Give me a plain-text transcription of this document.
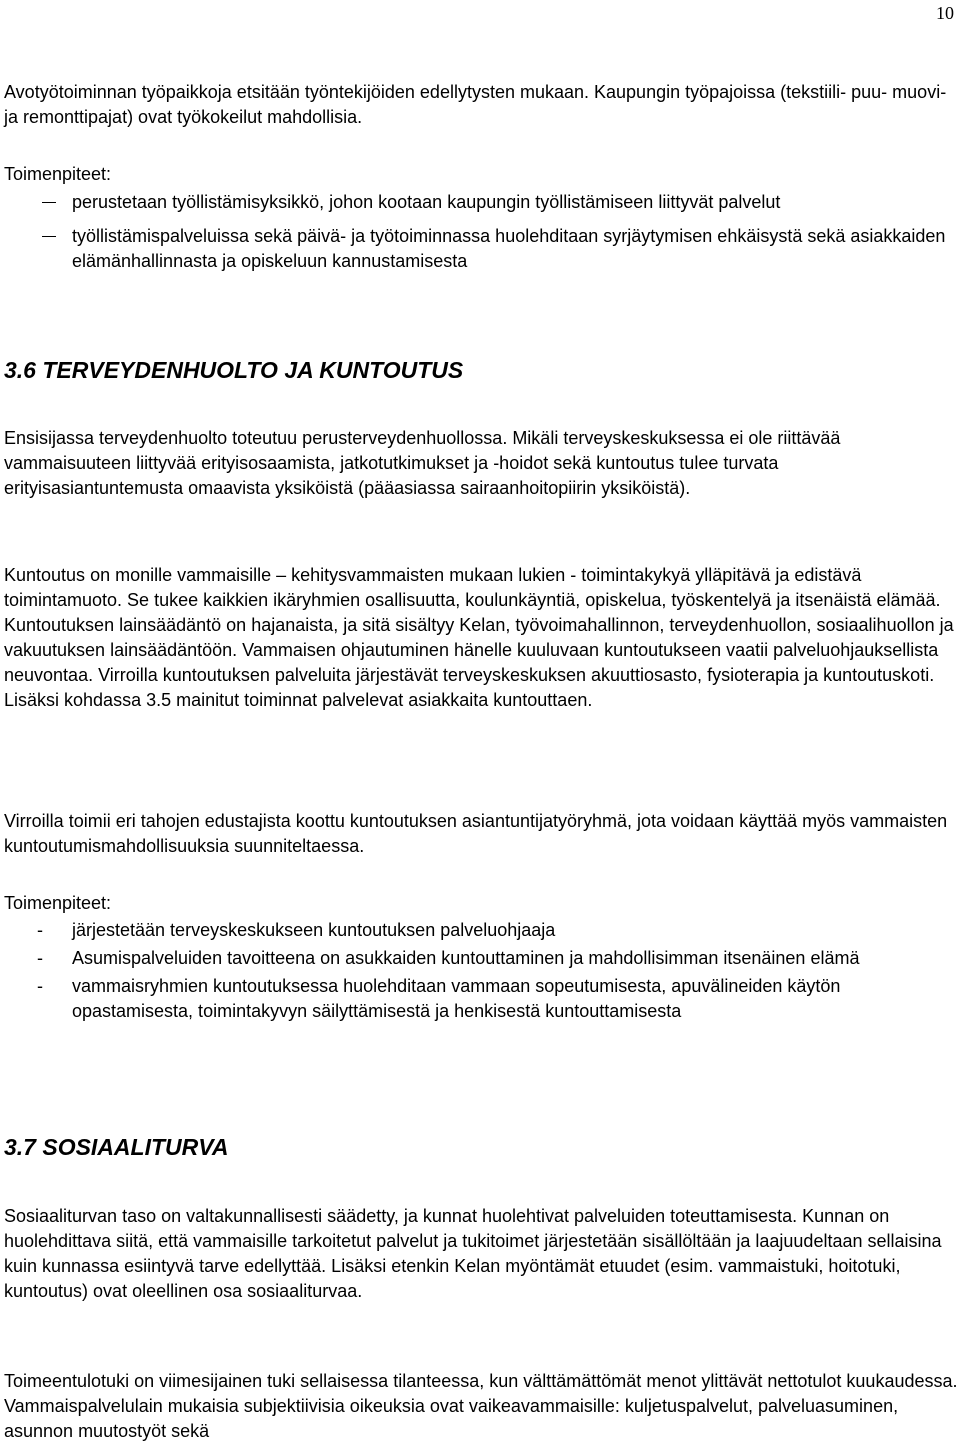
10

Avotyötoiminnan työpaikkoja etsitään työntekijöiden edellytysten mukaan. Kaupungin työpajoissa (tekstiili- puu- muovi- ja remonttipajat) ovat työkokeilut mahdollisia.

Toimenpiteet:

perustetaan työllistämisyksikkö, johon kootaan kaupungin työllistämiseen liittyvät palvelut
työllistämispalveluissa sekä päivä- ja työtoiminnassa huolehditaan syrjäytymisen ehkäisystä sekä asiakkaiden elämänhallinnasta ja opiskeluun kannustamisesta
3.6 TERVEYDENHUOLTO JA KUNTOUTUS

Ensisijassa terveydenhuolto toteutuu perusterveydenhuollossa. Mikäli terveyskeskuksessa ei ole riittävää vammaisuuteen liittyvää erityisosaamista, jatkotutkimukset ja -hoidot sekä kuntoutus tulee turvata erityisasiantuntemusta omaavista yksiköistä (pääasiassa sairaanhoitopiirin yksiköistä).

Kuntoutus on monille vammaisille – kehitysvammaisten mukaan lukien - toimintakykyä ylläpitävä ja edistävä toimintamuoto. Se tukee kaikkien ikäryhmien osallisuutta, koulunkäyntiä, opiskelua, työskentelyä ja itsenäistä elämää. Kuntoutuksen lainsäädäntö on hajanaista, ja sitä sisältyy Kelan, työvoimahallinnon, terveydenhuollon, sosiaalihuollon ja vakuutuksen lainsäädäntöön. Vammaisen ohjautuminen hänelle kuuluvaan kuntoutukseen vaatii palveluohjauksellista neuvontaa. Virroilla kuntoutuksen palveluita järjestävät terveyskeskuksen akuuttiosasto, fysioterapia ja kuntoutuskoti. Lisäksi kohdassa 3.5 mainitut toiminnat palvelevat asiakkaita kuntouttaen.

Virroilla toimii eri tahojen edustajista koottu kuntoutuksen asiantuntijatyöryhmä, jota voidaan käyttää myös vammaisten kuntoutumismahdollisuuksia suunniteltaessa.

Toimenpiteet:

-	järjestetään terveyskeskukseen kuntoutuksen palveluohjaaja
-	Asumispalveluiden tavoitteena on asukkaiden kuntouttaminen ja mahdollisimman itsenäinen elämä
-	vammaisryhmien kuntoutuksessa huolehditaan vammaan sopeutumisesta, apuvälineiden käytön opastamisesta, toimintakyvyn säilyttämisestä ja henkisestä kuntouttamisesta
3.7 SOSIAALITURVA

Sosiaaliturvan taso on valtakunnallisesti säädetty, ja kunnat huolehtivat palveluiden toteuttamisesta. Kunnan on huolehdittava siitä, että vammaisille tarkoitetut palvelut ja tukitoimet järjestetään sisällöltään ja laajuudeltaan sellaisina kuin kunnassa esiintyvä tarve edellyttää. Lisäksi etenkin Kelan myöntämät etuudet (esim. vammaistuki, hoitotuki, kuntoutus) ovat oleellinen osa sosiaaliturvaa.

Toimeentulotuki on viimesijainen tuki sellaisessa tilanteessa, kun välttämättömät menot ylittävät nettotulot kuukaudessa. Vammaispalvelulain mukaisia subjektiivisia oikeuksia ovat vaikeavammaisille: kuljetuspalvelut, palveluasuminen, asunnon muutostyöt sekä
